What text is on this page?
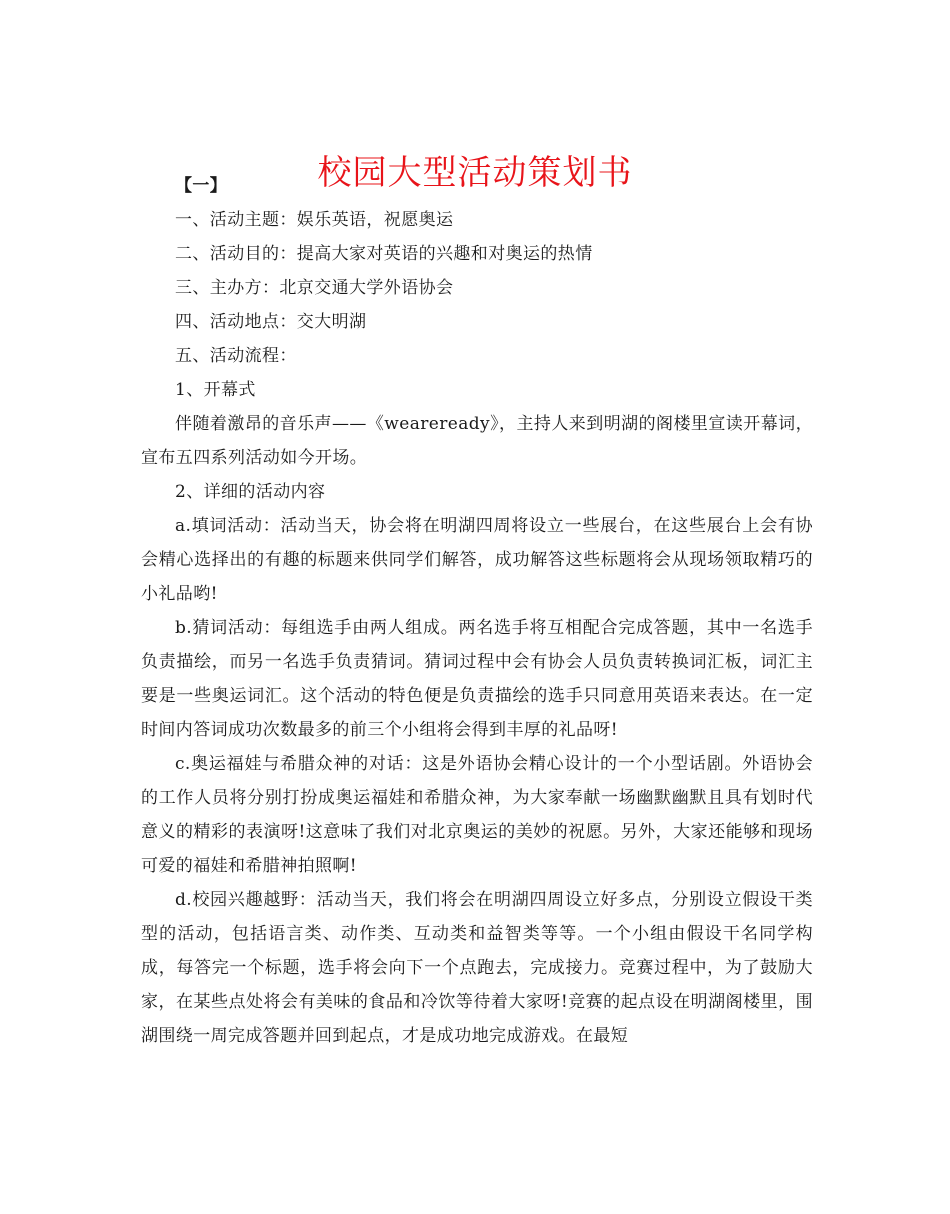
校园大型活动策划书

【一】

一、活动主题：娱乐英语，祝愿奥运

二、活动目的：提高大家对英语的兴趣和对奥运的热情

三、主办方：北京交通大学外语协会

四、活动地点：交大明湖

五、活动流程：

1、开幕式

伴随着激昂的音乐声——《weareready》，主持人来到明湖的阁楼里宣读开幕词，宣布五四系列活动如今开场。

2、详细的活动内容

a.填词活动：活动当天，协会将在明湖四周将设立一些展台，在这些展台上会有协会精心选择出的有趣的标题来供同学们解答，成功解答这些标题将会从现场领取精巧的小礼品哟!

b.猜词活动：每组选手由两人组成。两名选手将互相配合完成答题，其中一名选手负责描绘，而另一名选手负责猜词。猜词过程中会有协会人员负责转换词汇板，词汇主要是一些奥运词汇。这个活动的特色便是负责描绘的选手只同意用英语来表达。在一定时间内答词成功次数最多的前三个小组将会得到丰厚的礼品呀!

c.奥运福娃与希腊众神的对话：这是外语协会精心设计的一个小型话剧。外语协会的工作人员将分别打扮成奥运福娃和希腊众神，为大家奉献一场幽默幽默且具有划时代意义的精彩的表演呀!这意味了我们对北京奥运的美妙的祝愿。另外，大家还能够和现场可爱的福娃和希腊神拍照啊!

d.校园兴趣越野：活动当天，我们将会在明湖四周设立好多点，分别设立假设干类型的活动，包括语言类、动作类、互动类和益智类等等。一个小组由假设干名同学构成，每答完一个标题，选手将会向下一个点跑去，完成接力。竞赛过程中，为了鼓励大家，在某些点处将会有美味的食品和冷饮等待着大家呀!竞赛的起点设在明湖阁楼里，围湖围绕一周完成答题并回到起点，才是成功地完成游戏。在最短
